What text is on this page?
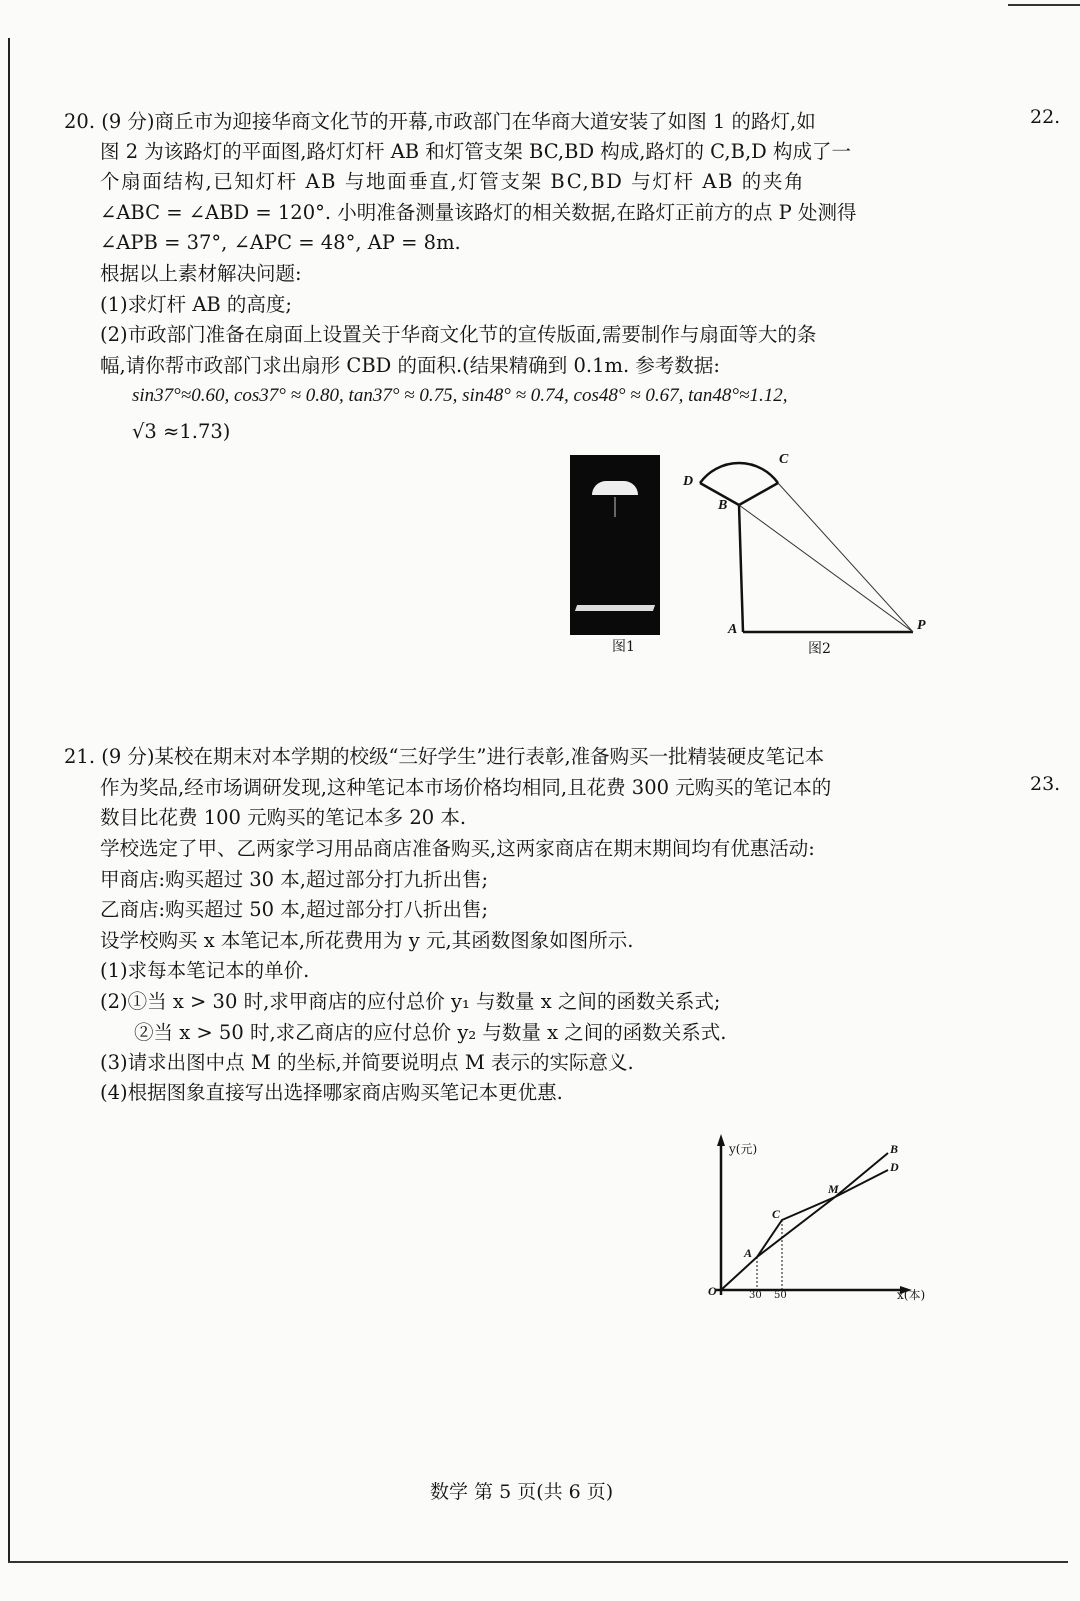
22.
23.
20. (9 分)商丘市为迎接华商文化节的开幕,市政部门在华商大道安装了如图 1 的路灯,如
图 2 为该路灯的平面图,路灯灯杆 AB 和灯管支架 BC,BD 构成,路灯的 C,B,D 构成了一
个扇面结构,已知灯杆 AB 与地面垂直,灯管支架 BC,BD 与灯杆 AB 的夹角
∠ABC = ∠ABD = 120°. 小明准备测量该路灯的相关数据,在路灯正前方的点 P 处测得
∠APB = 37°, ∠APC = 48°, AP = 8m.
根据以上素材解决问题:
(1)求灯杆 AB 的高度;
(2)市政部门准备在扇面上设置关于华商文化节的宣传版面,需要制作与扇面等大的条
幅,请你帮市政部门求出扇形 CBD 的面积.(结果精确到 0.1m. 参考数据:
sin37°≈0.60, cos37° ≈ 0.80, tan37° ≈ 0.75, sin48° ≈ 0.74, cos48° ≈ 0.67, tan48°≈1.12,
√3 ≈1.73)
图1
D
C
B
A	P
图2
21. (9 分)某校在期末对本学期的校级“三好学生”进行表彰,准备购买一批精装硬皮笔记本
作为奖品,经市场调研发现,这种笔记本市场价格均相同,且花费 300 元购买的笔记本的
数目比花费 100 元购买的笔记本多 20 本.
学校选定了甲、乙两家学习用品商店准备购买,这两家商店在期末期间均有优惠活动:
甲商店:购买超过 30 本,超过部分打九折出售;
乙商店:购买超过 50 本,超过部分打八折出售;
设学校购买 x 本笔记本,所花费用为 y 元,其函数图象如图所示.
(1)求每本笔记本的单价.
(2)①当 x > 30 时,求甲商店的应付总价 y₁ 与数量 x 之间的函数关系式;
②当 x > 50 时,求乙商店的应付总价 y₂ 与数量 x 之间的函数关系式.
(3)请求出图中点 M 的坐标,并简要说明点 M 表示的实际意义.
(4)根据图象直接写出选择哪家商店购买笔记本更优惠.
y(元)
x(本)
O	30 50
A
C
M
B
D
数学 第 5 页(共 6 页)
